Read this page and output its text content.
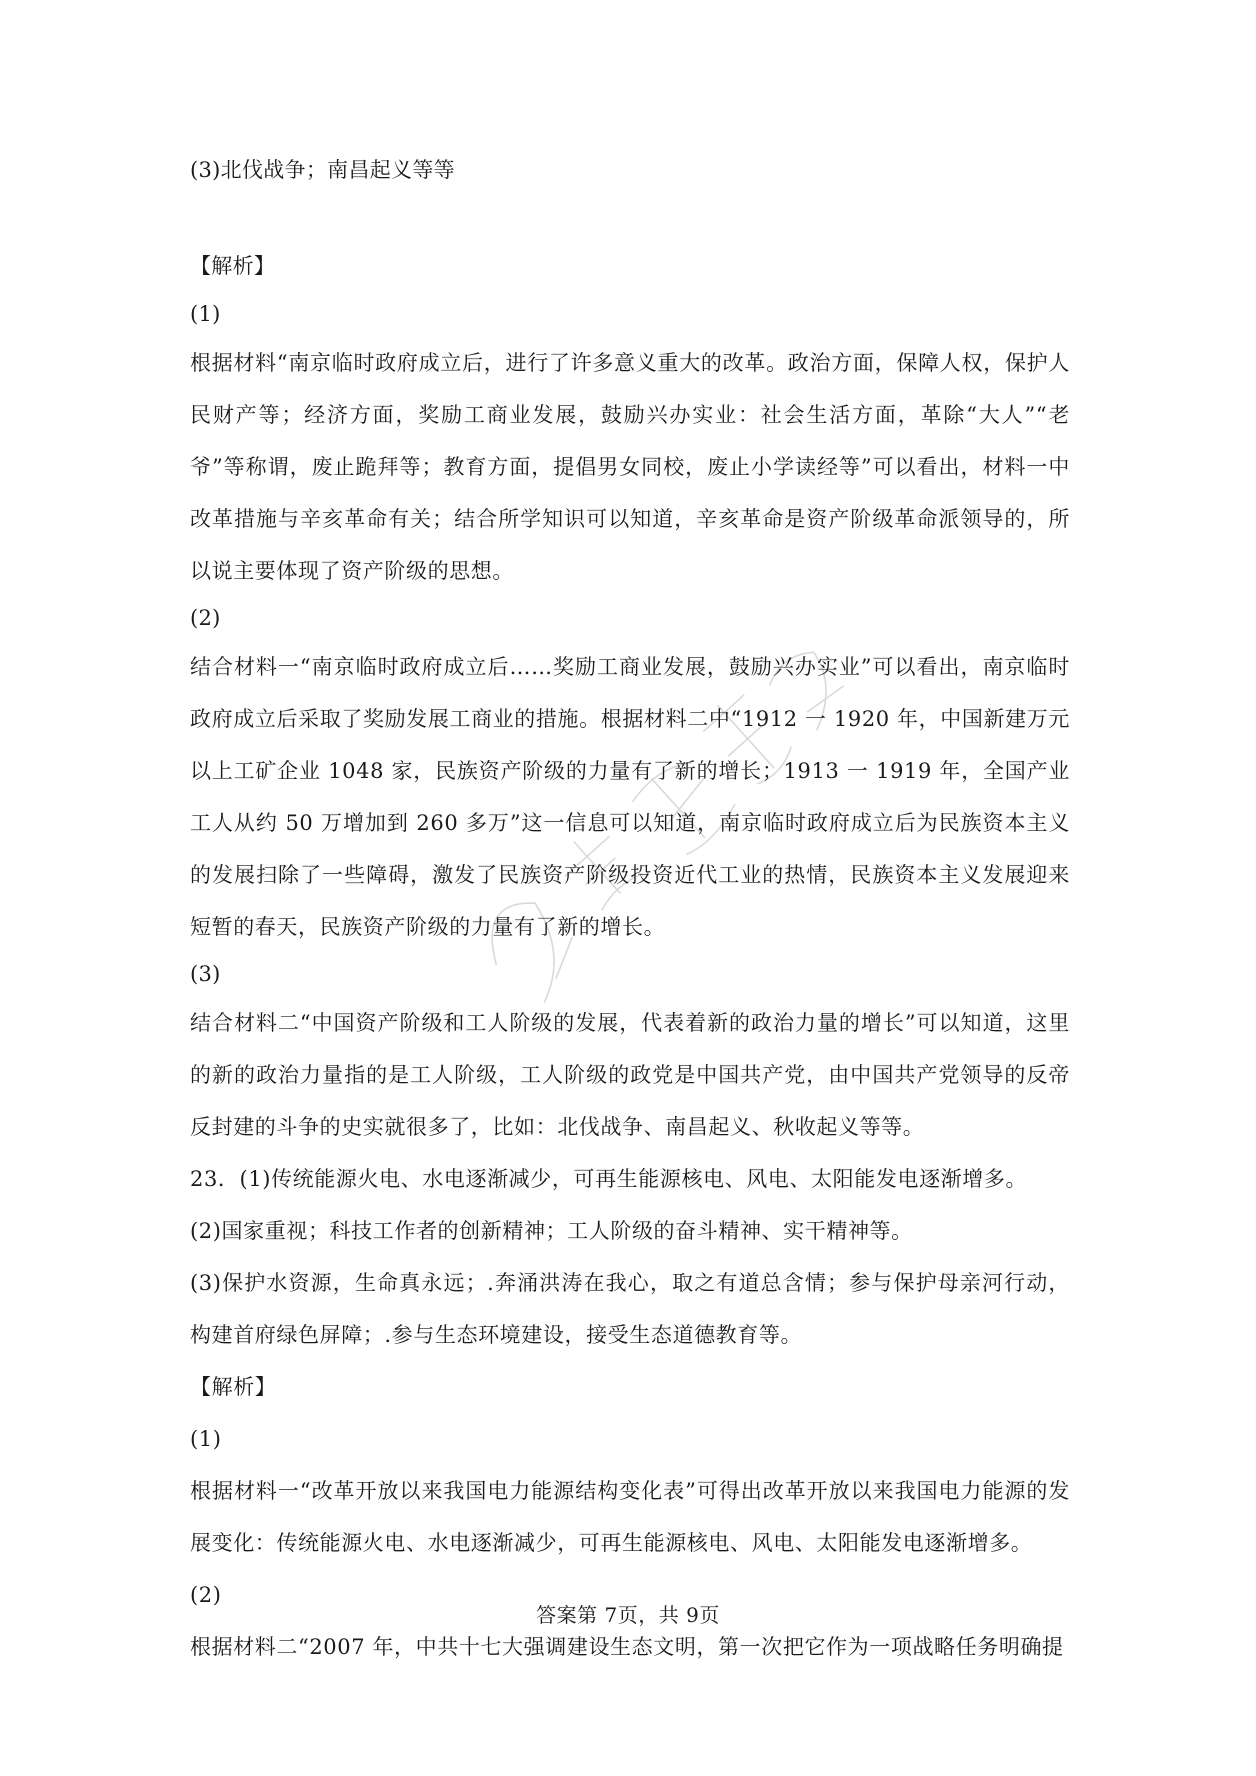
(3)北伐战争；南昌起义等等

【解析】

(1)

根据材料“南京临时政府成立后，进行了许多意义重大的改革。政治方面，保障人权，保护人民财产等；经济方面，奖励工商业发展，鼓励兴办实业：社会生活方面，革除“大人”“老爷”等称谓，废止跪拜等；教育方面，提倡男女同校，废止小学读经等”可以看出，材料一中改革措施与辛亥革命有关；结合所学知识可以知道，辛亥革命是资产阶级革命派领导的，所以说主要体现了资产阶级的思想。

(2)

结合材料一“南京临时政府成立后……奖励工商业发展，鼓励兴办实业”可以看出，南京临时政府成立后采取了奖励发展工商业的措施。根据材料二中“1912 一 1920 年，中国新建万元以上工矿企业 1048 家，民族资产阶级的力量有了新的增长；1913 一 1919 年，全国产业工人从约 50 万增加到 260 多万”这一信息可以知道，南京临时政府成立后为民族资本主义的发展扫除了一些障碍，激发了民族资产阶级投资近代工业的热情，民族资本主义发展迎来短暂的春天，民族资产阶级的力量有了新的增长。

(3)

结合材料二“中国资产阶级和工人阶级的发展，代表着新的政治力量的增长”可以知道，这里的新的政治力量指的是工人阶级，工人阶级的政党是中国共产党，由中国共产党领导的反帝反封建的斗争的史实就很多了，比如：北伐战争、南昌起义、秋收起义等等。

23．(1)传统能源火电、水电逐渐减少，可再生能源核电、风电、太阳能发电逐渐增多。

(2)国家重视；科技工作者的创新精神；工人阶级的奋斗精神、实干精神等。

(3)保护水资源，生命真永远；.奔涌洪涛在我心，取之有道总含情；参与保护母亲河行动，构建首府绿色屏障；.参与生态环境建设，接受生态道德教育等。

【解析】

(1)

根据材料一“改革开放以来我国电力能源结构变化表”可得出改革开放以来我国电力能源的发展变化：传统能源火电、水电逐渐减少，可再生能源核电、风电、太阳能发电逐渐增多。

(2)

根据材料二“2007 年，中共十七大强调建设生态文明，第一次把它作为一项战略任务明确提

答案第 7页，共 9页
